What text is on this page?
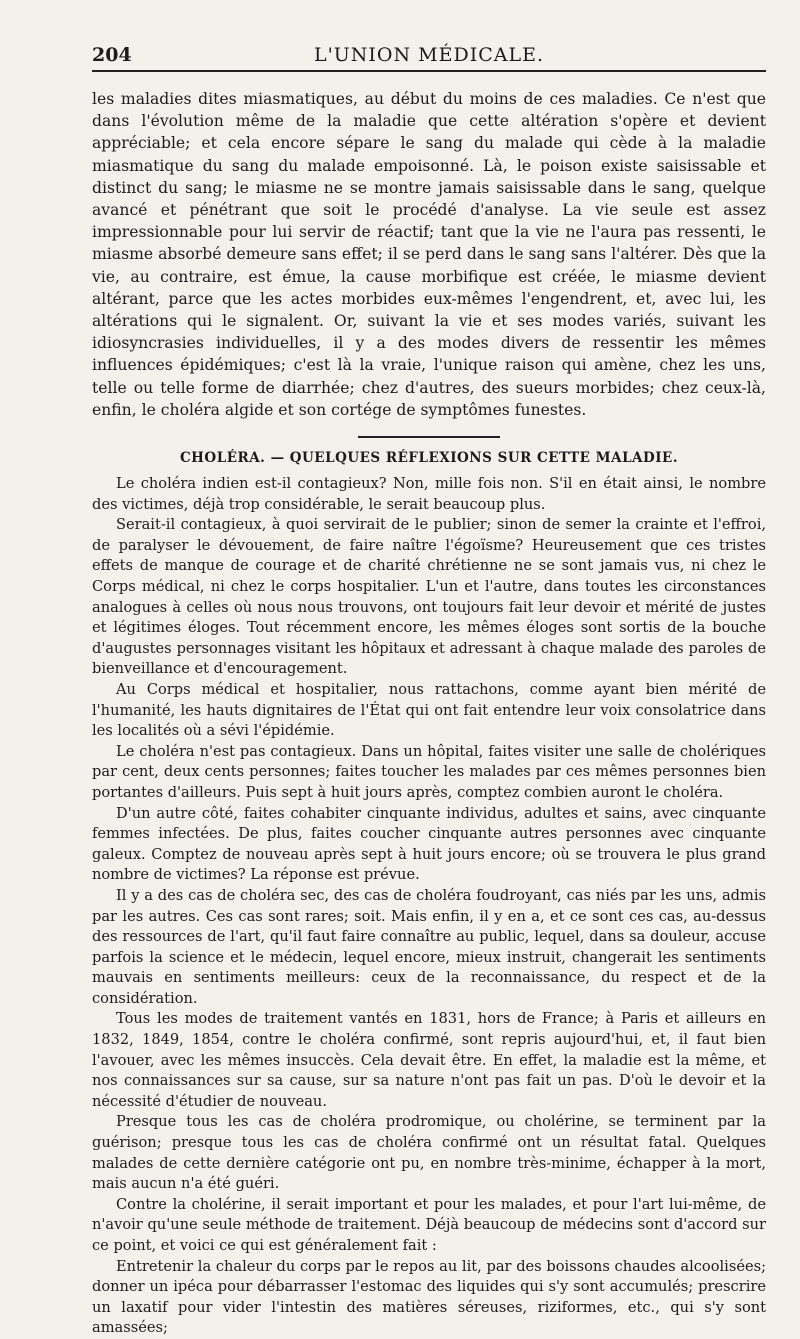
204	L'UNION MÉDICALE.

les maladies dites miasmatiques, au début du moins de ces maladies. Ce n'est que dans l'évolution même de la maladie que cette altération s'opère et devient appréciable; et cela encore sépare le sang du malade qui cède à la maladie miasmatique du sang du malade empoisonné. Là, le poison existe saisissable et distinct du sang; le miasme ne se montre jamais saisissable dans le sang, quelque avancé et pénétrant que soit le procédé d'analyse. La vie seule est assez impressionnable pour lui servir de réactif; tant que la vie ne l'aura pas ressenti, le miasme absorbé demeure sans effet; il se perd dans le sang sans l'altérer. Dès que la vie, au contraire, est émue, la cause morbifique est créée, le miasme devient altérant, parce que les actes morbides eux-mêmes l'engendrent, et, avec lui, les altérations qui le signalent. Or, suivant la vie et ses modes variés, suivant les idiosyncrasies individuelles, il y a des modes divers de ressentir les mêmes influences épidémiques; c'est là la vraie, l'unique raison qui amène, chez les uns, telle ou telle forme de diarrhée; chez d'autres, des sueurs morbides; chez ceux-là, enfin, le choléra algide et son cortége de symptômes funestes.

CHOLÉRA. — QUELQUES RÉFLEXIONS SUR CETTE MALADIE.

Le choléra indien est-il contagieux? Non, mille fois non. S'il en était ainsi, le nombre des victimes, déjà trop considérable, le serait beaucoup plus.

Serait-il contagieux, à quoi servirait de le publier; sinon de semer la crainte et l'effroi, de paralyser le dévouement, de faire naître l'égoïsme? Heureusement que ces tristes effets de manque de courage et de charité chrétienne ne se sont jamais vus, ni chez le Corps médical, ni chez le corps hospitalier. L'un et l'autre, dans toutes les circonstances analogues à celles où nous nous trouvons, ont toujours fait leur devoir et mérité de justes et légitimes éloges. Tout récemment encore, les mêmes éloges sont sortis de la bouche d'augustes personnages visitant les hôpitaux et adressant à chaque malade des paroles de bienveillance et d'encouragement.

Au Corps médical et hospitalier, nous rattachons, comme ayant bien mérité de l'humanité, les hauts dignitaires de l'État qui ont fait entendre leur voix consolatrice dans les localités où a sévi l'épidémie.

Le choléra n'est pas contagieux. Dans un hôpital, faites visiter une salle de cholériques par cent, deux cents personnes; faites toucher les malades par ces mêmes personnes bien portantes d'ailleurs. Puis sept à huit jours après, comptez combien auront le choléra.

D'un autre côté, faites cohabiter cinquante individus, adultes et sains, avec cinquante femmes infectées. De plus, faites coucher cinquante autres personnes avec cinquante galeux. Comptez de nouveau après sept à huit jours encore; où se trouvera le plus grand nombre de victimes? La réponse est prévue.

Il y a des cas de choléra sec, des cas de choléra foudroyant, cas niés par les uns, admis par les autres. Ces cas sont rares; soit. Mais enfin, il y en a, et ce sont ces cas, au-dessus des ressources de l'art, qu'il faut faire connaître au public, lequel, dans sa douleur, accuse parfois la science et le médecin, lequel encore, mieux instruit, changerait les sentiments mauvais en sentiments meilleurs: ceux de la reconnaissance, du respect et de la considération.

Tous les modes de traitement vantés en 1831, hors de France; à Paris et ailleurs en 1832, 1849, 1854, contre le choléra confirmé, sont repris aujourd'hui, et, il faut bien l'avouer, avec les mêmes insuccès. Cela devait être. En effet, la maladie est la même, et nos connaissances sur sa cause, sur sa nature n'ont pas fait un pas. D'où le devoir et la nécessité d'étudier de nouveau.

Presque tous les cas de choléra prodromique, ou cholérine, se terminent par la guérison; presque tous les cas de choléra confirmé ont un résultat fatal. Quelques malades de cette dernière catégorie ont pu, en nombre très-minime, échapper à la mort, mais aucun n'a été guéri.

Contre la cholérine, il serait important et pour les malades, et pour l'art lui-même, de n'avoir qu'une seule méthode de traitement. Déjà beaucoup de médecins sont d'accord sur ce point, et voici ce qui est généralement fait :

Entretenir la chaleur du corps par le repos au lit, par des boissons chaudes alcoolisées; donner un ipéca pour débarrasser l'estomac des liquides qui s'y sont accumulés; prescrire un laxatif pour vider l'intestin des matières séreuses, riziformes, etc., qui s'y sont amassées;
